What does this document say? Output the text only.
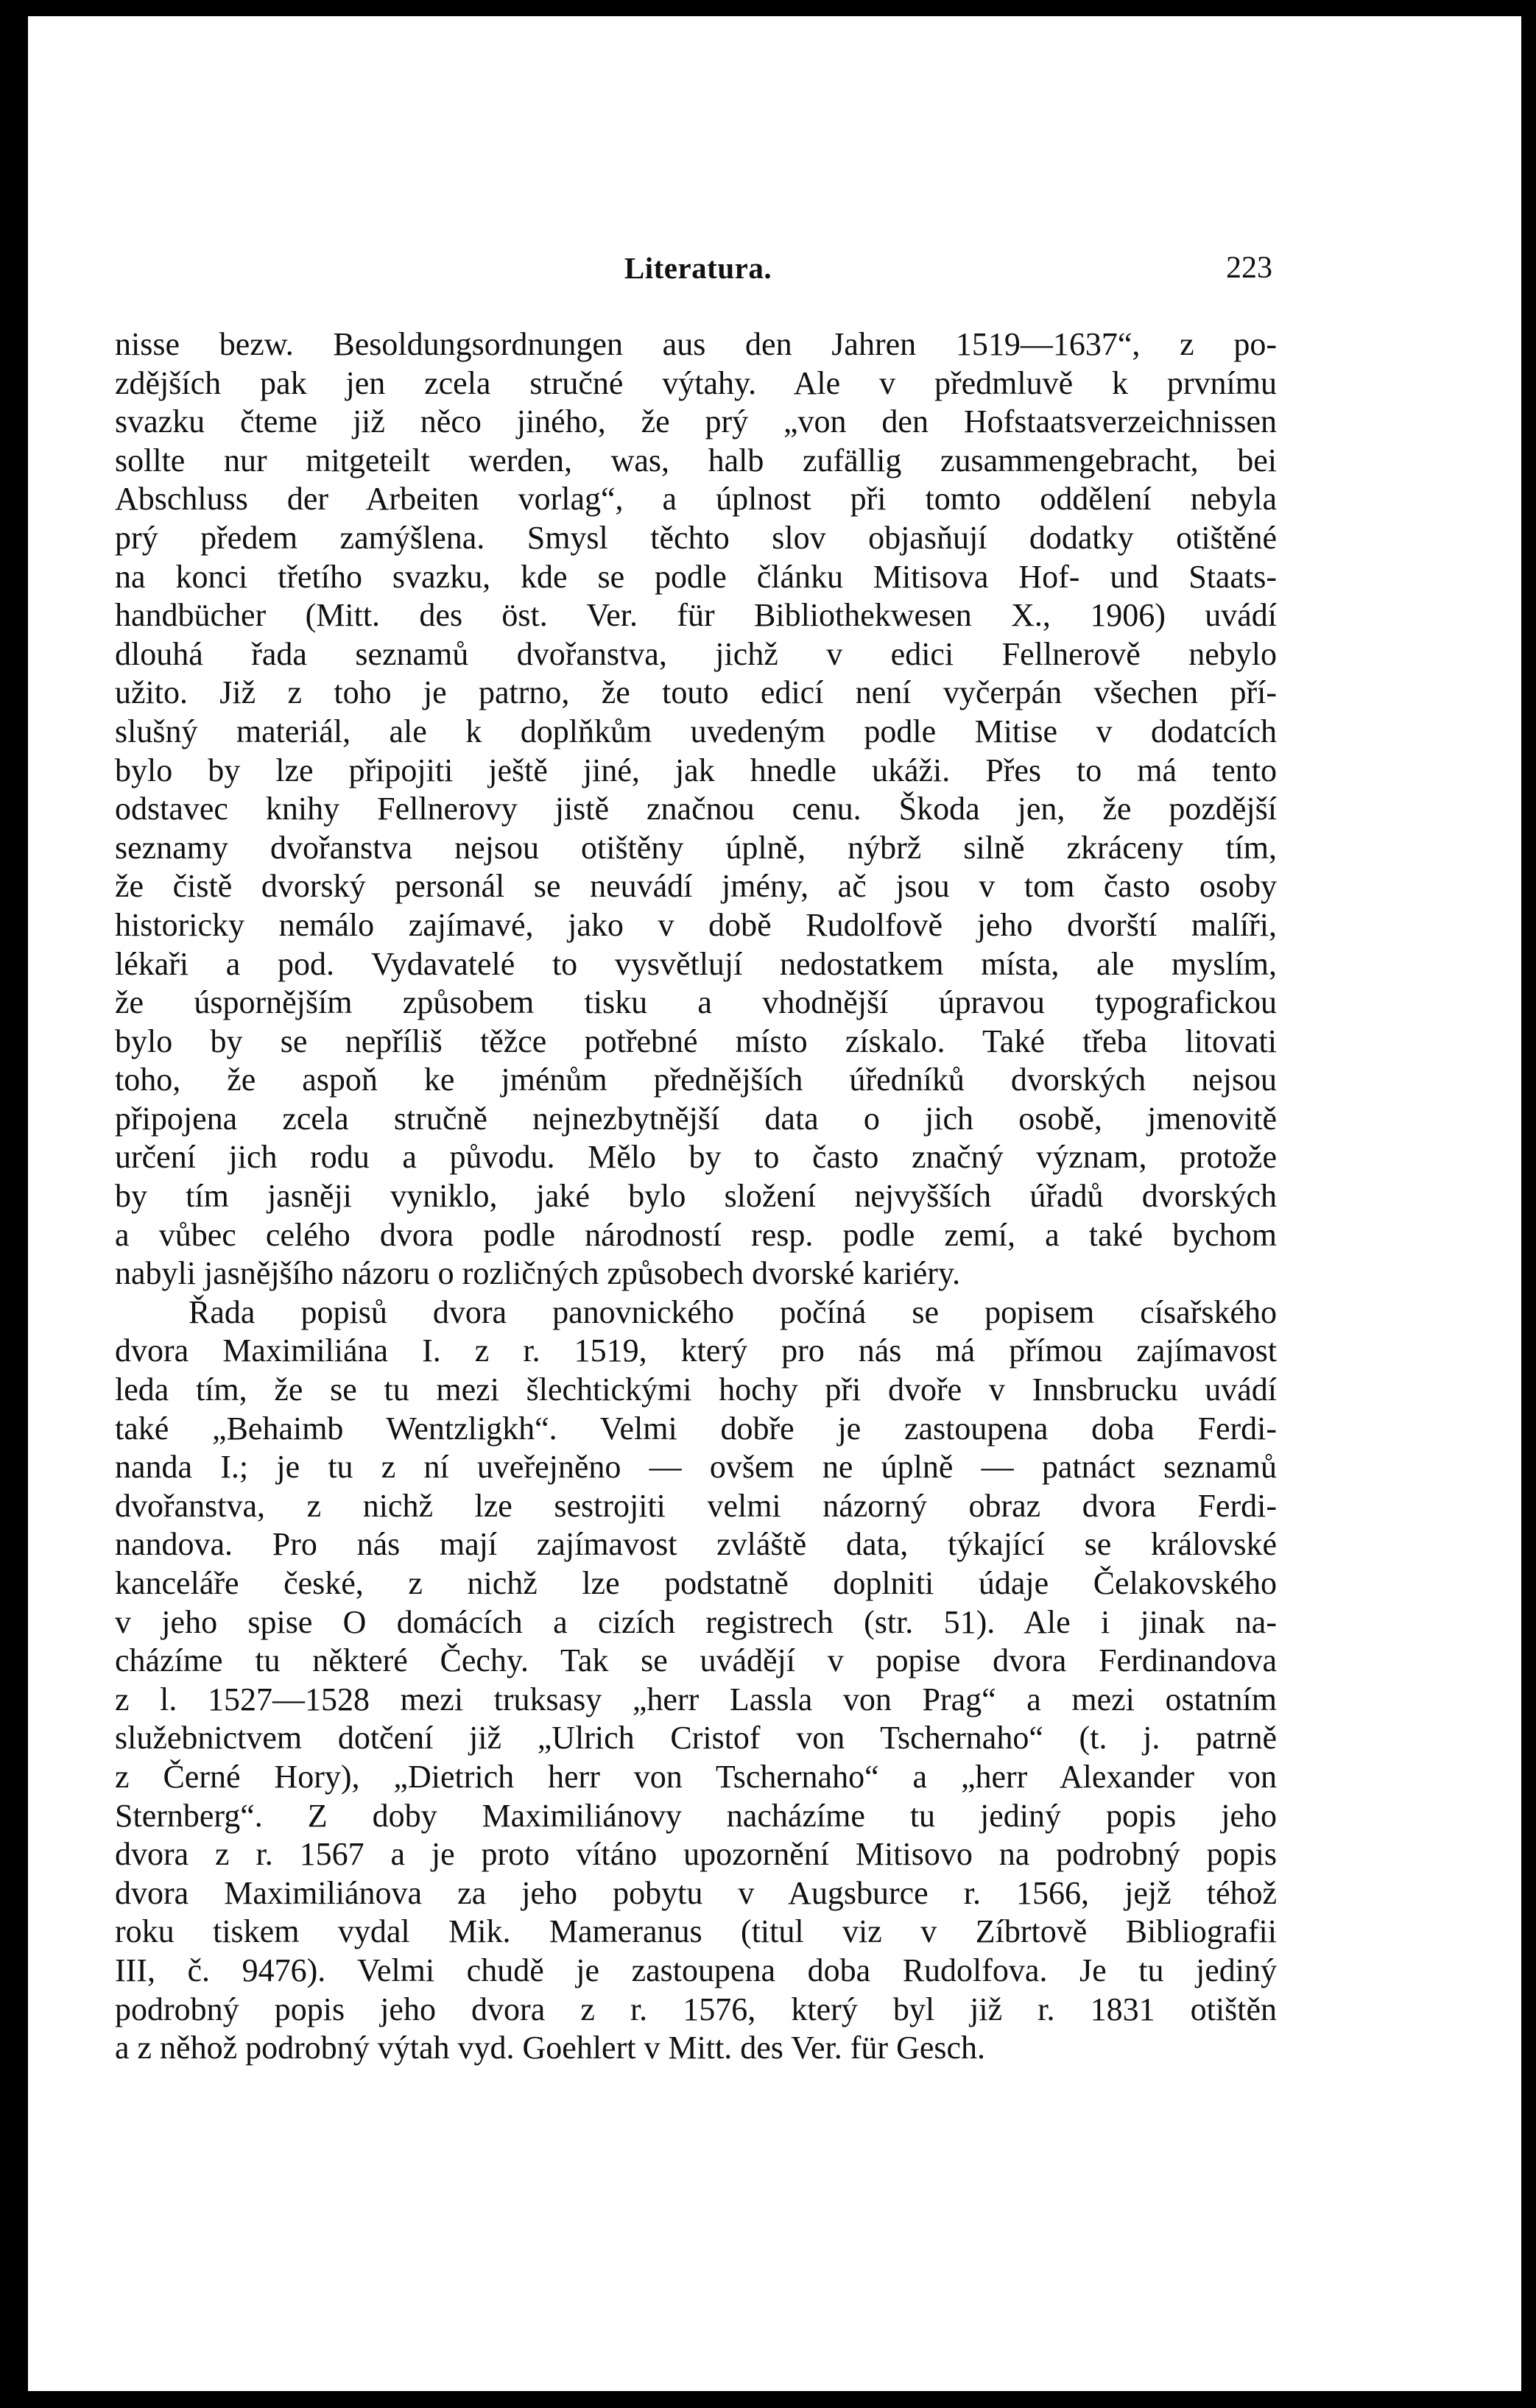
Literatura.	223
nisse bezw. Besoldungsordnungen aus den Jahren 1519—1637“, z po-
zdějších pak jen zcela stručné výtahy. Ale v předmluvě k prvnímu
svazku čteme již něco jiného, že prý „von den Hofstaatsverzeichnissen
sollte nur mitgeteilt werden, was, halb zufällig zusammengebracht, bei
Abschluss der Arbeiten vorlag“, a úplnost při tomto oddělení nebyla
prý předem zamýšlena. Smysl těchto slov objasňují dodatky otištěné
na konci třetího svazku, kde se podle článku Mitisova Hof- und Staats-
handbücher (Mitt. des öst. Ver. für Bibliothekwesen X., 1906) uvádí
dlouhá řada seznamů dvořanstva, jichž v edici Fellnerově nebylo
užito. Již z toho je patrno, že touto edicí není vyčerpán všechen pří-
slušný materiál, ale k doplňkům uvedeným podle Mitise v dodatcích
bylo by lze připojiti ještě jiné, jak hnedle ukáži. Přes to má tento
odstavec knihy Fellnerovy jistě značnou cenu. Škoda jen, že pozdější
seznamy dvořanstva nejsou otištěny úplně, nýbrž silně zkráceny tím,
že čistě dvorský personál se neuvádí jmény, ač jsou v tom často osoby
historicky nemálo zajímavé, jako v době Rudolfově jeho dvorští malíři,
lékaři a pod. Vydavatelé to vysvětlují nedostatkem místa, ale myslím,
že úspornějším způsobem tisku a vhodnější úpravou typografickou
bylo by se nepříliš těžce potřebné místo získalo. Také třeba litovati
toho, že aspoň ke jménům přednějších úředníků dvorských nejsou
připojena zcela stručně nejnezbytnější data o jich osobě, jmenovitě
určení jich rodu a původu. Mělo by to často značný význam, protože
by tím jasněji vyniklo, jaké bylo složení nejvyšších úřadů dvorských
a vůbec celého dvora podle národností resp. podle zemí, a také bychom
nabyli jasnějšího názoru o rozličných způsobech dvorské kariéry.
Řada popisů dvora panovnického počíná se popisem císařského
dvora Maximiliána I. z r. 1519, který pro nás má přímou zajímavost
leda tím, že se tu mezi šlechtickými hochy při dvoře v Innsbrucku uvádí
také „Behaimb Wentzligkh“. Velmi dobře je zastoupena doba Ferdi-
nanda I.; je tu z ní uveřejněno — ovšem ne úplně — patnáct seznamů
dvořanstva, z nichž lze sestrojiti velmi názorný obraz dvora Ferdi-
nandova. Pro nás mají zajímavost zvláště data, týkající se královské
kanceláře české, z nichž lze podstatně doplniti údaje Čelakovského
v jeho spise O domácích a cizích registrech (str. 51). Ale i jinak na-
cházíme tu některé Čechy. Tak se uvádějí v popise dvora Ferdinandova
z l. 1527—1528 mezi truksasy „herr Lassla von Prag“ a mezi ostatním
služebnictvem dotčení již „Ulrich Cristof von Tschernaho“ (t. j. patrně
z Černé Hory), „Dietrich herr von Tschernaho“ a „herr Alexander von
Sternberg“. Z doby Maximiliánovy nacházíme tu jediný popis jeho
dvora z r. 1567 a je proto vítáno upozornění Mitisovo na podrobný popis
dvora Maximiliánova za jeho pobytu v Augsburce r. 1566, jejž téhož
roku tiskem vydal Mik. Mameranus (titul viz v Zíbrtově Bibliografii
III, č. 9476). Velmi chudě je zastoupena doba Rudolfova. Je tu jediný
podrobný popis jeho dvora z r. 1576, který byl již r. 1831 otištěn
a z něhož podrobný výtah vyd. Goehlert v Mitt. des Ver. für Gesch.
